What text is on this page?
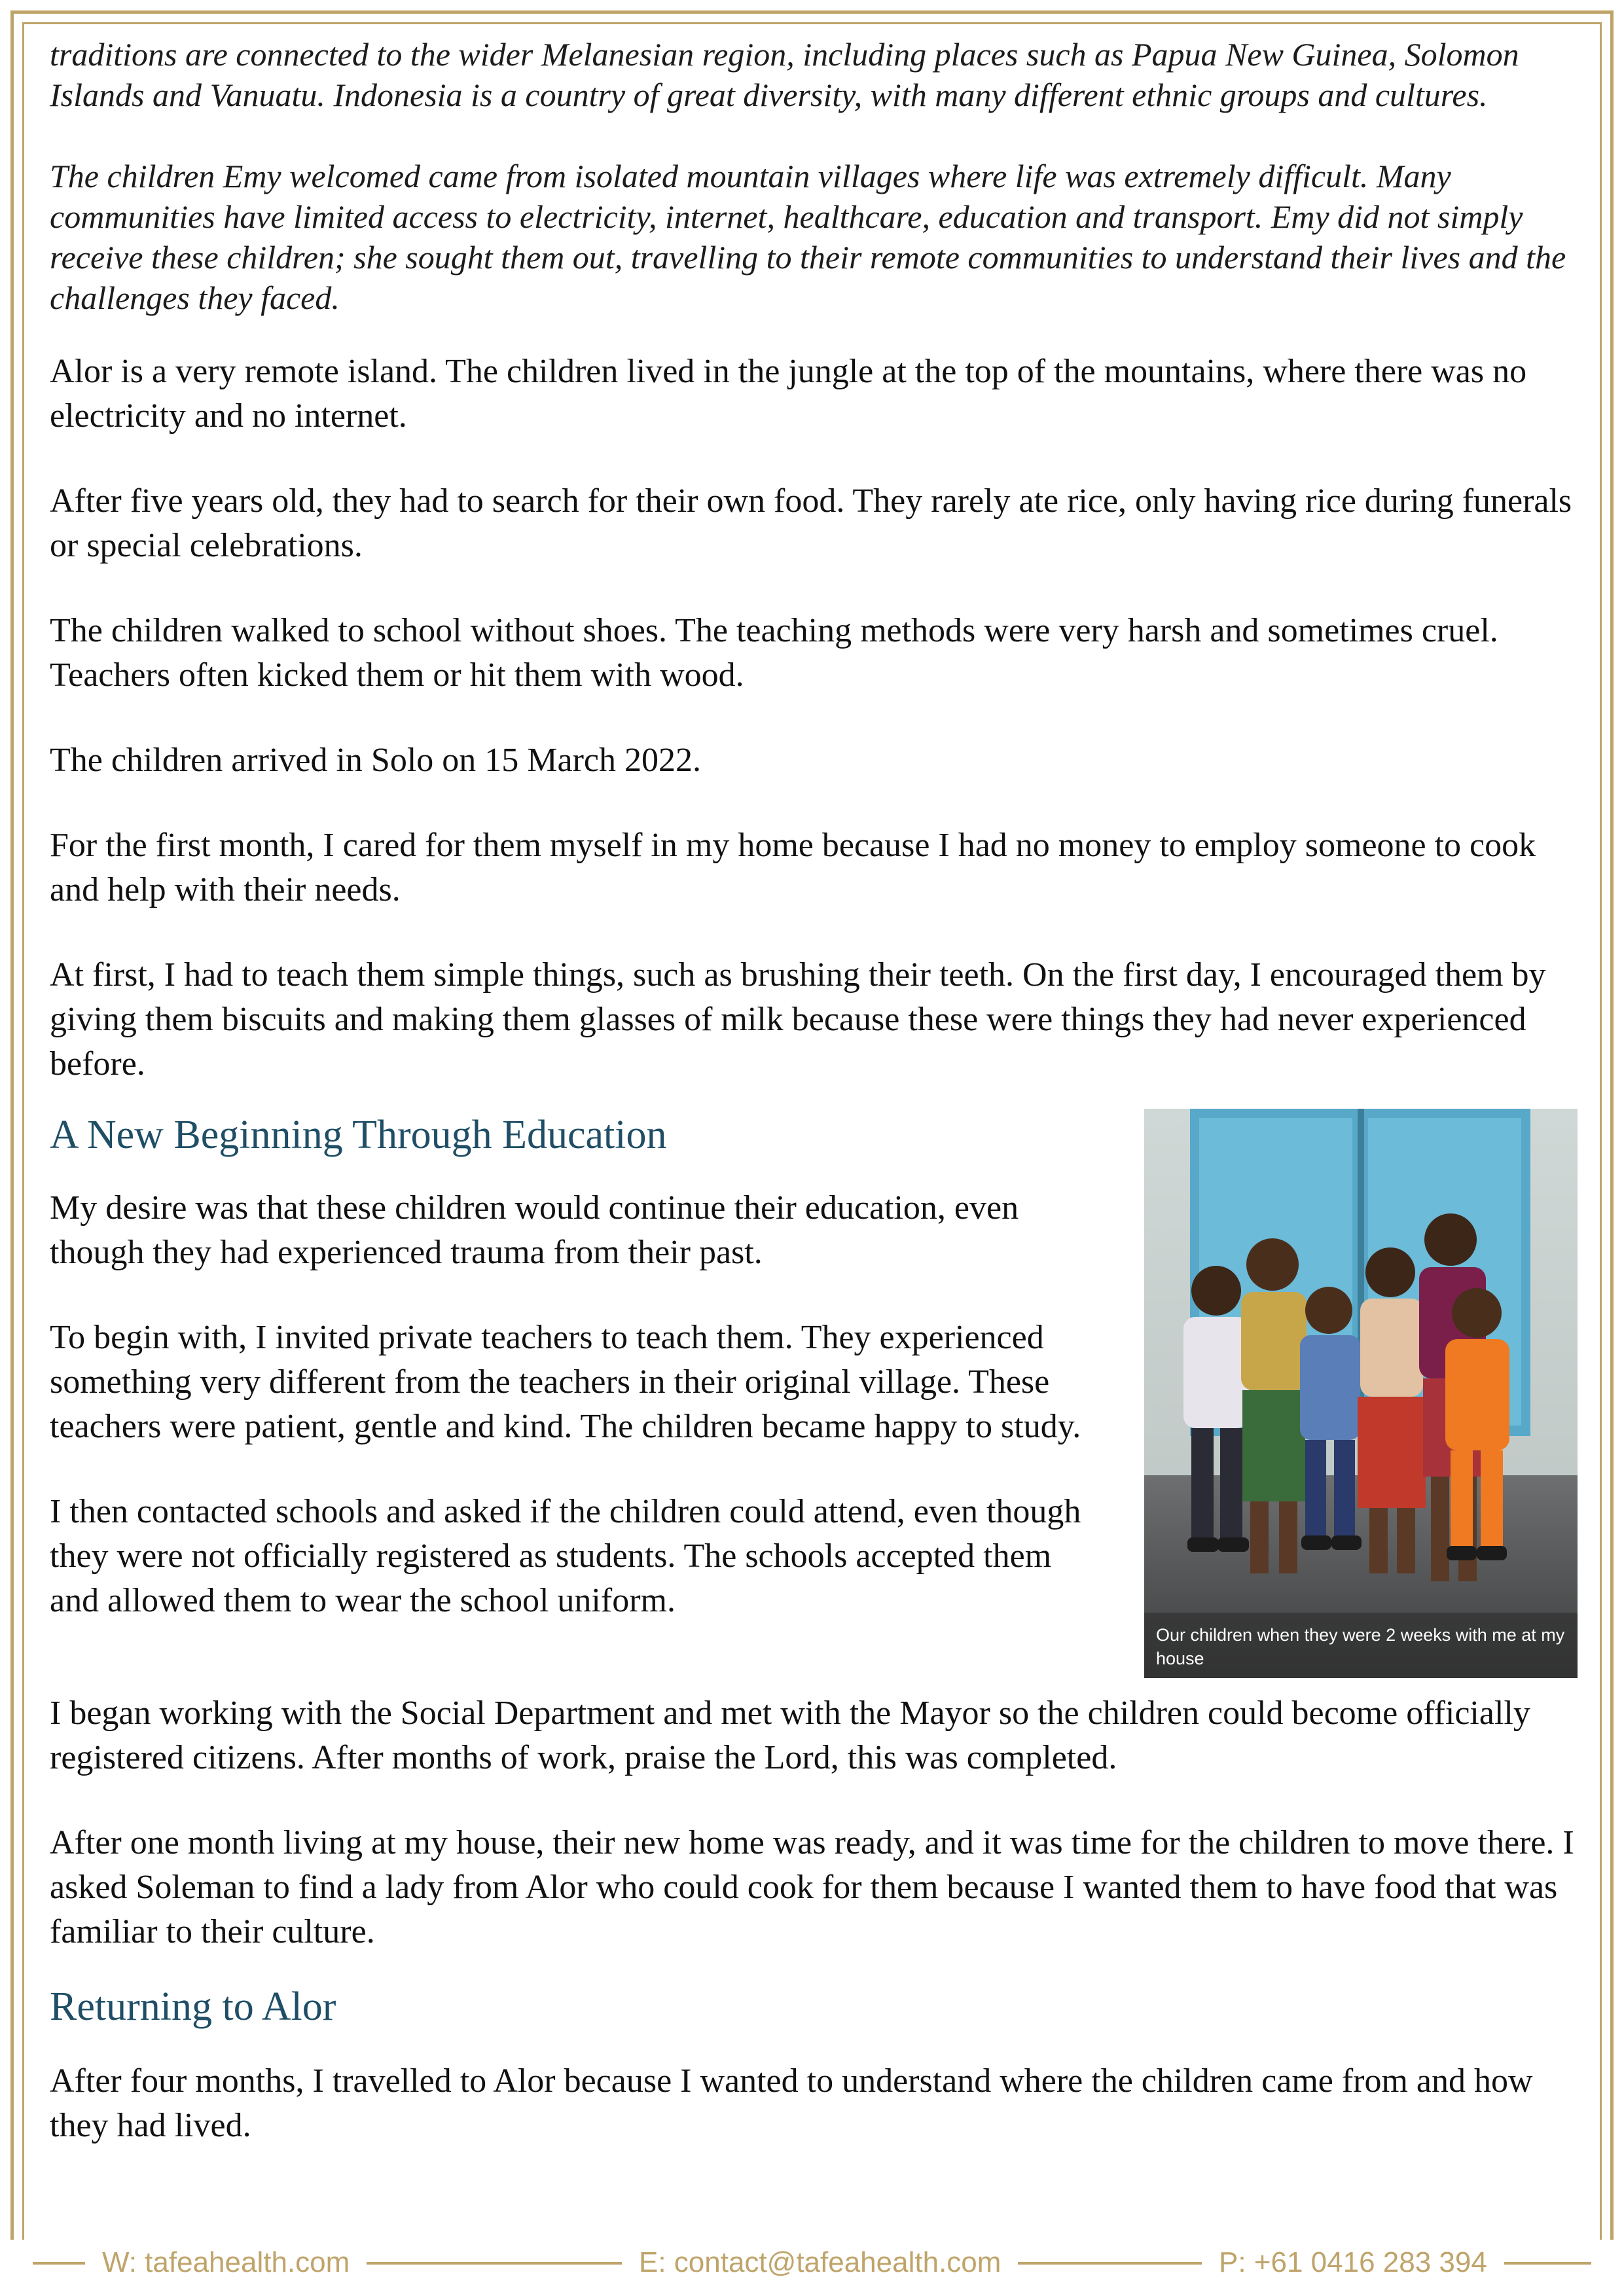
traditions are connected to the wider Melanesian region, including places such as Papua New Guinea, Solomon Islands and Vanuatu. Indonesia is a country of great diversity, with many different ethnic groups and cultures.

The children Emy welcomed came from isolated mountain villages where life was extremely difficult. Many communities have limited access to electricity, internet, healthcare, education and transport. Emy did not simply receive these children; she sought them out, travelling to their remote communities to understand their lives and the challenges they faced.

Alor is a very remote island. The children lived in the jungle at the top of the mountains, where there was no electricity and no internet.

After five years old, they had to search for their own food. They rarely ate rice, only having rice during funerals or special celebrations.

The children walked to school without shoes. The teaching methods were very harsh and sometimes cruel. Teachers often kicked them or hit them with wood.

The children arrived in Solo on 15 March 2022.

For the first month, I cared for them myself in my home because I had no money to employ someone to cook and help with their needs.

At first, I had to teach them simple things, such as brushing their teeth. On the first day, I encouraged them by giving them biscuits and making them glasses of milk because these were things they had never experienced before.

A New Beginning Through Education

My desire was that these children would continue their education, even though they had experienced trauma from their past.

To begin with, I invited private teachers to teach them. They experienced something very different from the teachers in their original village. These teachers were patient, gentle and kind. The children became happy to study.

I then contacted schools and asked if the children could attend, even though they were not officially registered as students. The schools accepted them and allowed them to wear the school uniform.

Our children when they were 2 weeks with me at my house

I began working with the Social Department and met with the Mayor so the children could become officially registered citizens. After months of work, praise the Lord, this was completed.

After one month living at my house, their new home was ready, and it was time for the children to move there. I asked Soleman to find a lady from Alor who could cook for them because I wanted them to have food that was familiar to their culture.

Returning to Alor

After four months, I travelled to Alor because I wanted to understand where the children came from and how they had lived.

W: tafeahealth.com	E: contact@tafeahealth.com	P: +61 0416 283 394
